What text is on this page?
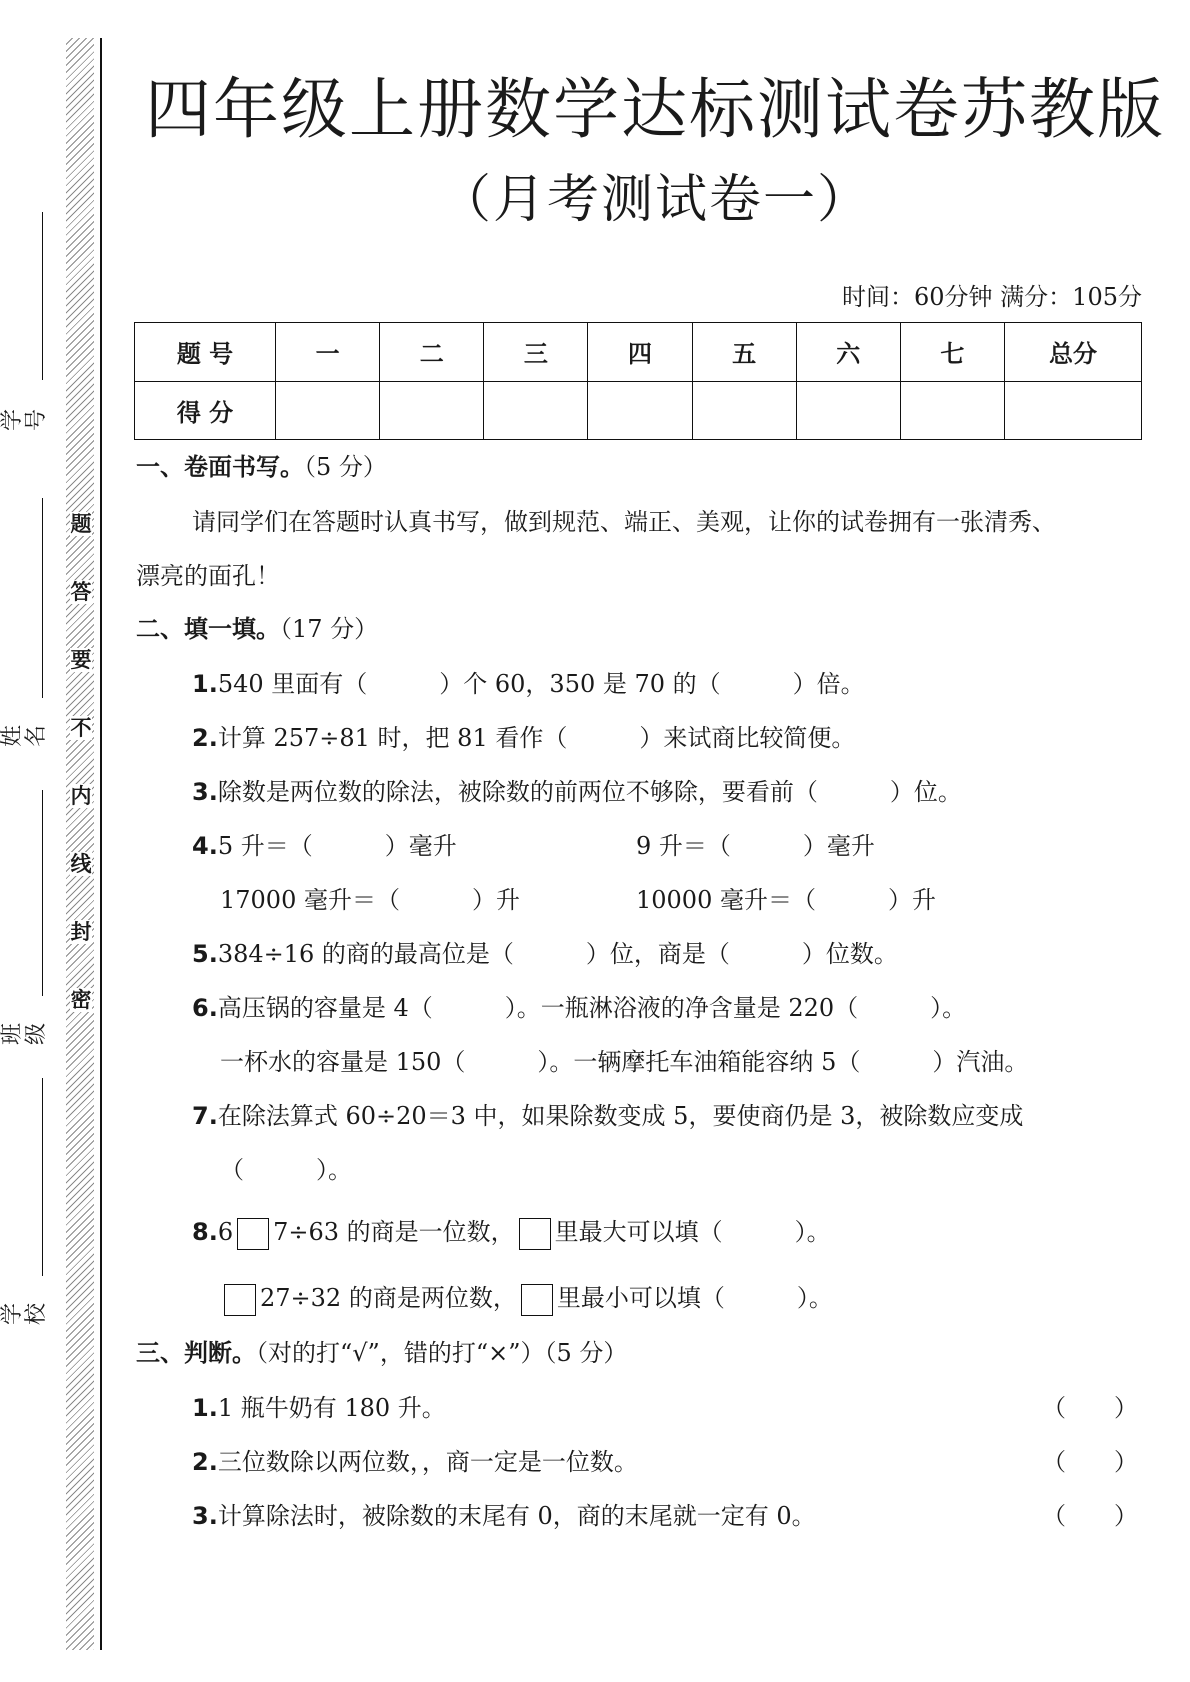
题
答
要
不
内
线
封
密
学号
姓名
班级
学校
四年级上册数学达标测试卷苏教版
（月考测试卷一）
时间：60分钟 满分：105分
题 号	一	二	三	四	五	六	七	总分
得 分								
一、卷面书写。（5 分）
请同学们在答题时认真书写，做到规范、端正、美观，让你的试卷拥有一张清秀、
漂亮的面孔！
二、填一填。（17 分）
1.540 里面有（　　　）个 60，350 是 70 的（　　　）倍。
2.计算 257÷81 时，把 81 看作（　　　）来试商比较简便。
3.除数是两位数的除法，被除数的前两位不够除，要看前（　　　）位。
4.5 升＝（　　　）毫升	9 升＝（　　　）毫升
17000 毫升＝（　　　）升	10000 毫升＝（　　　）升
5.384÷16 的商的最高位是（　　　）位，商是（　　　）位数。
6.高压锅的容量是 4（　　　）。一瓶淋浴液的净含量是 220（　　　）。
一杯水的容量是 150（　　　）。一辆摩托车油箱能容纳 5（　　　）汽油。
7.在除法算式 60÷20＝3 中，如果除数变成 5，要使商仍是 3，被除数应变成
（　　　）。
8.6 7÷63 的商是一位数， 里最大可以填（　　　）。
27÷32 的商是两位数， 里最小可以填（　　　）。
三、判断。（对的打“√”，错的打“×”）（5 分）
1.1 瓶牛奶有 180 升。	（　　）
2.三位数除以两位数，，商一定是一位数。	（　　）
3.计算除法时，被除数的末尾有 0，商的末尾就一定有 0。	（　　）
